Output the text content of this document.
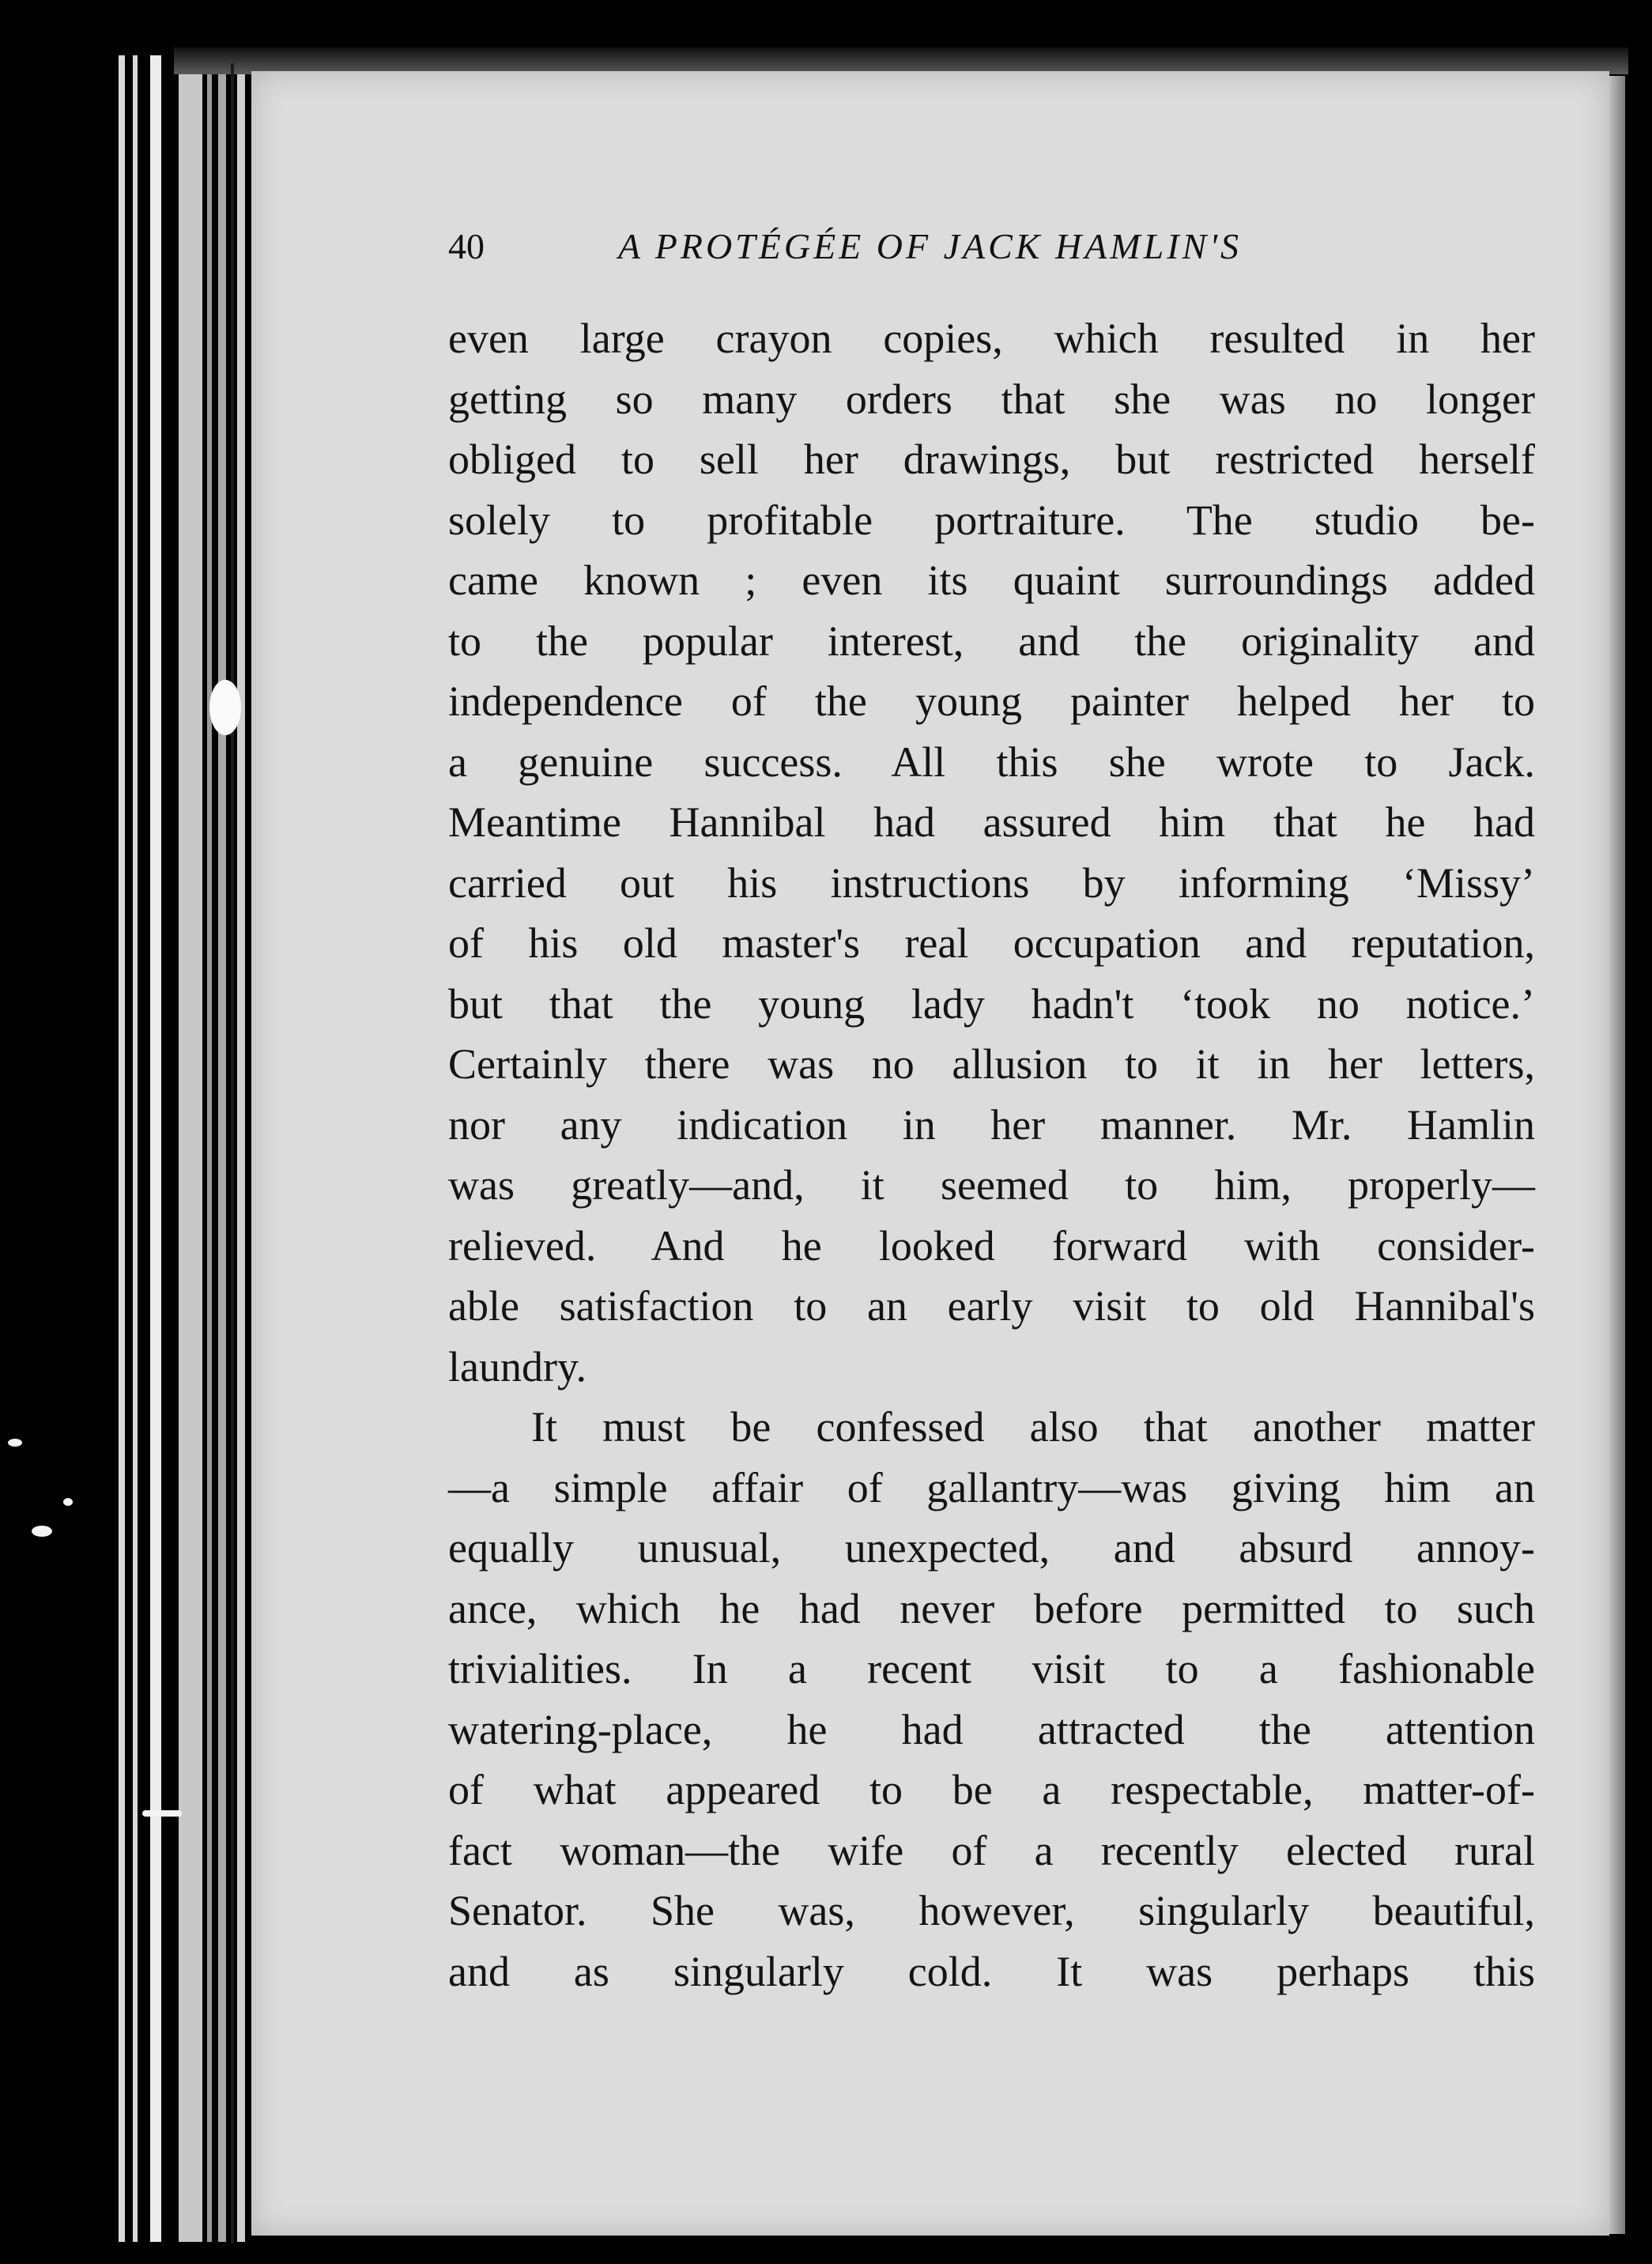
40	A PROTÉGÉE OF JACK HAMLIN'S
even large crayon copies, which resulted in her
getting so many orders that she was no longer
obliged to sell her drawings, but restricted herself
solely to profitable portraiture. The studio be-
came known ; even its quaint surroundings added
to the popular interest, and the originality and
independence of the young painter helped her to
a genuine success. All this she wrote to Jack.
Meantime Hannibal had assured him that he had
carried out his instructions by informing ‘Missy’
of his old master's real occupation and reputation,
but that the young lady hadn't ‘took no notice.’
Certainly there was no allusion to it in her letters,
nor any indication in her manner. Mr. Hamlin
was greatly—and, it seemed to him, properly—
relieved. And he looked forward with consider-
able satisfaction to an early visit to old Hannibal's
laundry.
It must be confessed also that another matter
—a simple affair of gallantry—was giving him an
equally unusual, unexpected, and absurd annoy-
ance, which he had never before permitted to such
trivialities. In a recent visit to a fashionable
watering-place, he had attracted the attention
of what appeared to be a respectable, matter-of-
fact woman—the wife of a recently elected rural
Senator. She was, however, singularly beautiful,
and as singularly cold. It was perhaps this
